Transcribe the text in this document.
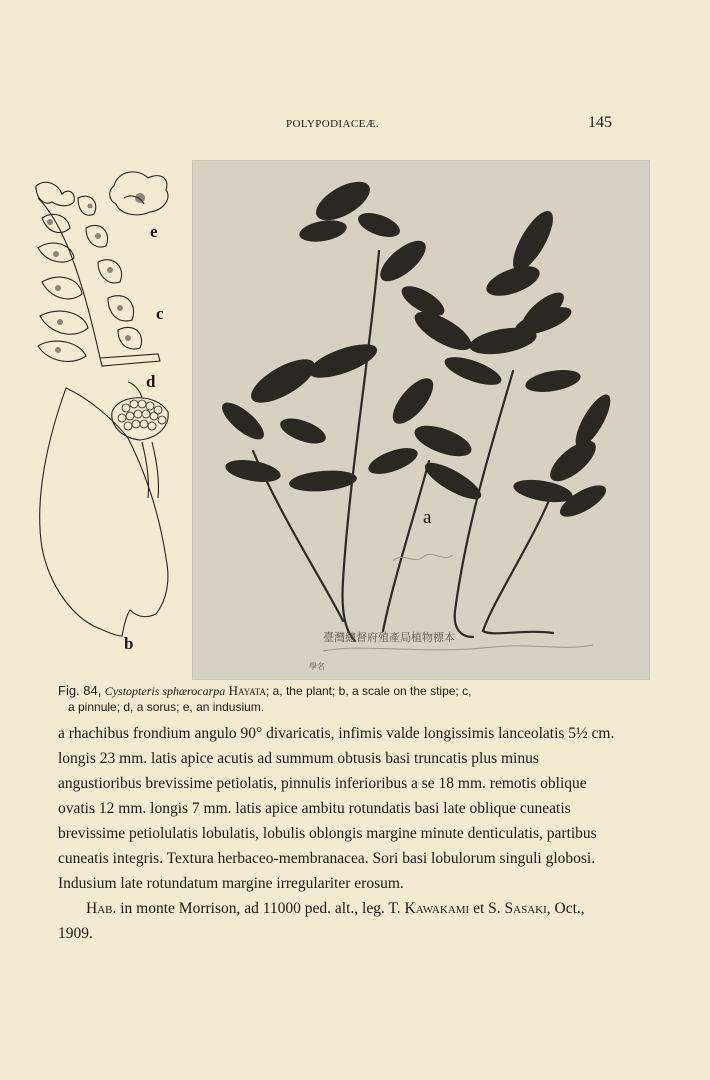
POLYPODIACEÆ.	145
e
c
d
b	臺灣總督府殖產局植物標本
學名
a
Fig. 84, Cystopteris sphærocarpa Hayata; a, the plant; b, a scale on the stipe; c,
a pinnule; d, a sorus; e, an indusium.

a rhachibus frondium angulo 90° divaricatis, infimis valde longissimis lanceolatis 5½ cm. longis 23 mm. latis apice acutis ad summum obtusis basi truncatis plus minus angustioribus brevissime petiolatis, pinnulis inferioribus a se 18 mm. remotis oblique ovatis 12 mm. longis 7 mm. latis apice ambitu rotundatis basi late oblique cuneatis brevissime petiolulatis lobulatis, lobulis oblongis margine minute denticulatis, partibus cuneatis integris. Textura herbaceo-membranacea. Sori basi lobulorum singuli globosi. Indusium late rotundatum margine irregulariter erosum.

Hab. in monte Morrison, ad 11000 ped. alt., leg. T. Kawakami et S. Sasaki, Oct., 1909.
